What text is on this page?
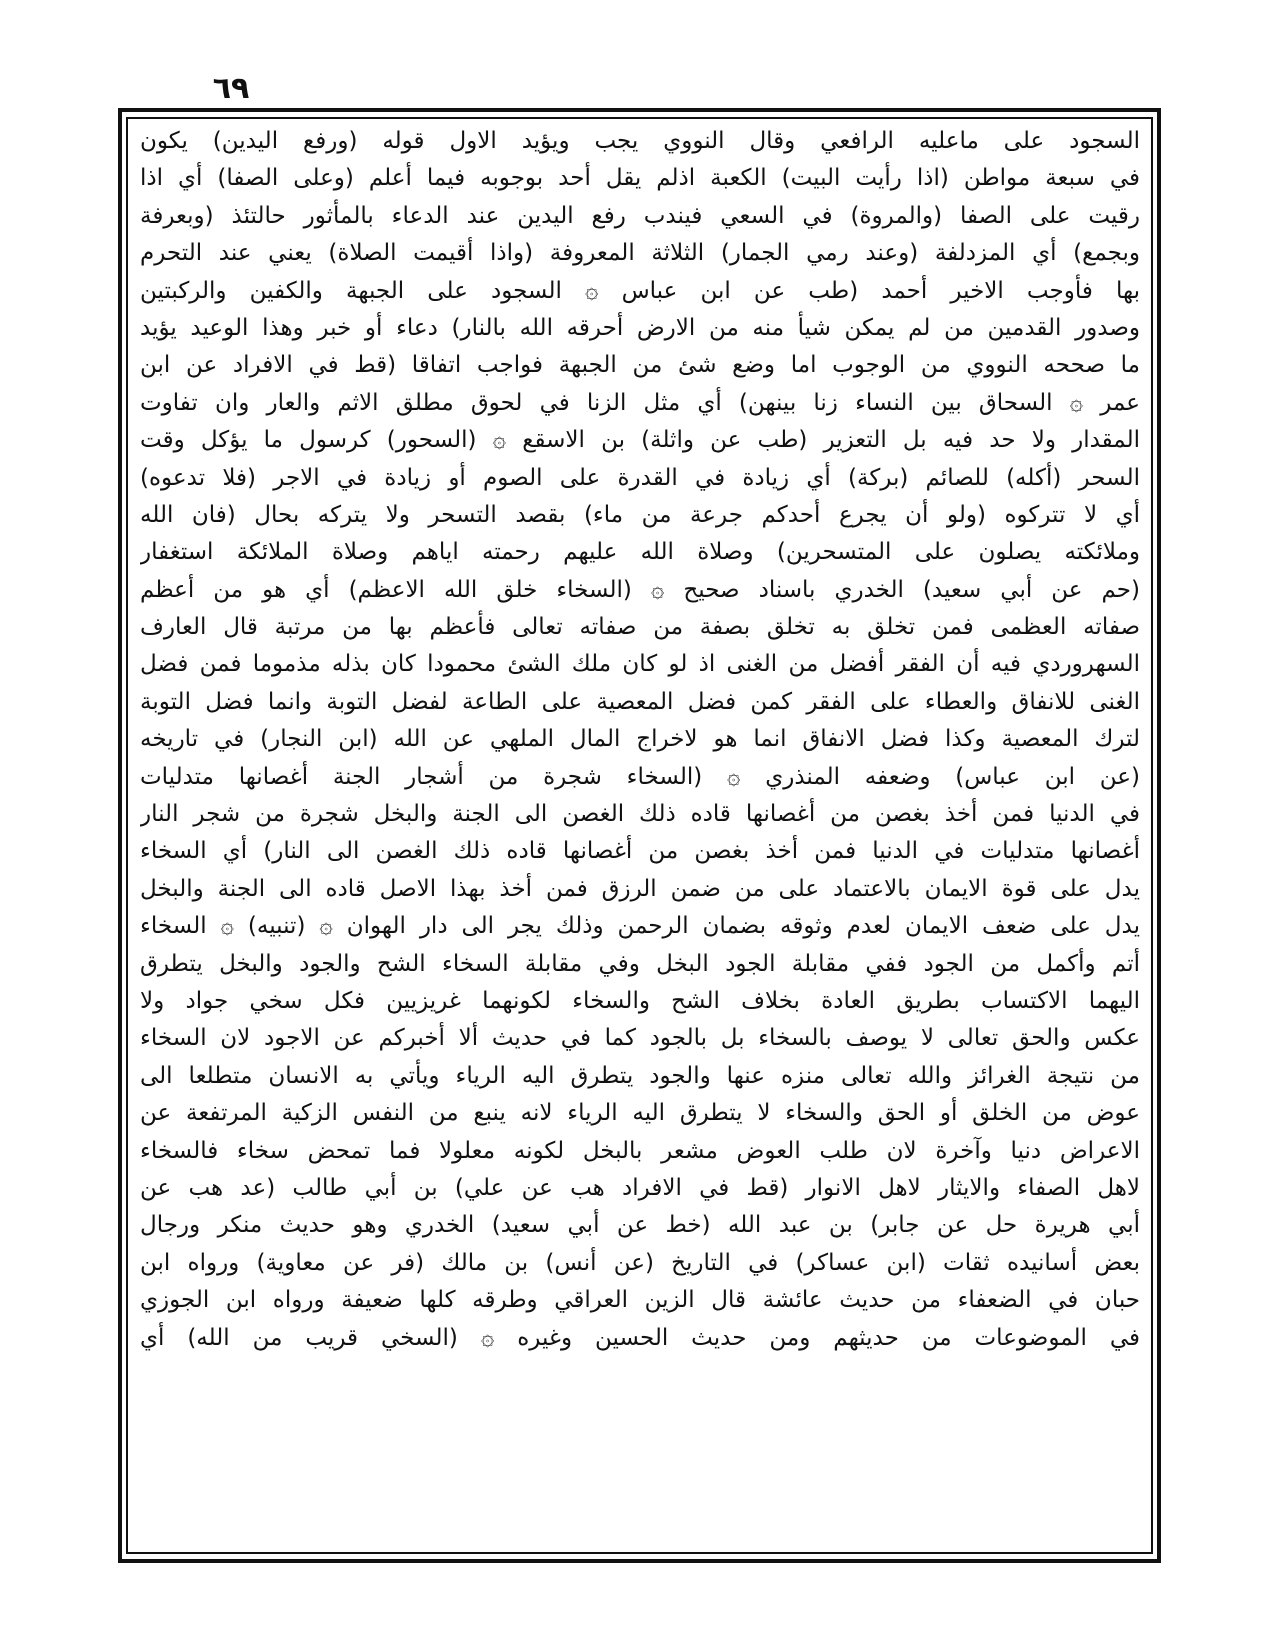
٦٩
السجود على ماعليه الرافعي وقال النووي يجب ويؤيد الاول قوله (ورفع اليدين) يكون
في سبعة مواطن (اذا رأيت البيت) الكعبة اذلم يقل أحد بوجوبه فيما أعلم (وعلى الصفا) أي اذا
رقيت على الصفا (والمروة) في السعي فيندب رفع اليدين عند الدعاء بالمأثور حالتئذ (وبعرفة
وبجمع) أي المزدلفة (وعند رمي الجمار) الثلاثة المعروفة (واذا أقيمت الصلاة) يعني عند التحرم
بها فأوجب الاخير أحمد (طب عن ابن عباس ۞ السجود على الجبهة والكفين والركبتين
وصدور القدمين من لم يمكن شيأ منه من الارض أحرقه الله بالنار) دعاء أو خبر وهذا الوعيد يؤيد
ما صححه النووي من الوجوب اما وضع شئ من الجبهة فواجب اتفاقا (قط في الافراد عن ابن
عمر ۞ السحاق بين النساء زنا بينهن) أي مثل الزنا في لحوق مطلق الاثم والعار وان تفاوت
المقدار ولا حد فيه بل التعزير (طب عن واثلة) بن الاسقع ۞ (السحور) كرسول ما يؤكل وقت
السحر (أكله) للصائم (بركة) أي زيادة في القدرة على الصوم أو زيادة في الاجر (فلا تدعوه)
أي لا تتركوه (ولو أن يجرع أحدكم جرعة من ماء) بقصد التسحر ولا يتركه بحال (فان الله
وملائكته يصلون على المتسحرين) وصلاة الله عليهم رحمته اياهم وصلاة الملائكة استغفار
(حم عن أبي سعيد) الخدري باسناد صحيح ۞ (السخاء خلق الله الاعظم) أي هو من أعظم
صفاته العظمى فمن تخلق به تخلق بصفة من صفاته تعالى فأعظم بها من مرتبة قال العارف
السهروردي فيه أن الفقر أفضل من الغنى اذ لو كان ملك الشئ محمودا كان بذله مذموما فمن فضل
الغنى للانفاق والعطاء على الفقر كمن فضل المعصية على الطاعة لفضل التوبة وانما فضل التوبة
لترك المعصية وكذا فضل الانفاق انما هو لاخراج المال الملهي عن الله (ابن النجار) في تاريخه
(عن ابن عباس) وضعفه المنذري ۞ (السخاء شجرة من أشجار الجنة أغصانها متدليات
في الدنيا فمن أخذ بغصن من أغصانها قاده ذلك الغصن الى الجنة والبخل شجرة من شجر النار
أغصانها متدليات في الدنيا فمن أخذ بغصن من أغصانها قاده ذلك الغصن الى النار) أي السخاء
يدل على قوة الايمان بالاعتماد على من ضمن الرزق فمن أخذ بهذا الاصل قاده الى الجنة والبخل
يدل على ضعف الايمان لعدم وثوقه بضمان الرحمن وذلك يجر الى دار الهوان ۞ (تنبيه) ۞ السخاء
أتم وأكمل من الجود ففي مقابلة الجود البخل وفي مقابلة السخاء الشح والجود والبخل يتطرق
اليهما الاكتساب بطريق العادة بخلاف الشح والسخاء لكونهما غريزيين فكل سخي جواد ولا
عكس والحق تعالى لا يوصف بالسخاء بل بالجود كما في حديث ألا أخبركم عن الاجود لان السخاء
من نتيجة الغرائز والله تعالى منزه عنها والجود يتطرق اليه الرياء ويأتي به الانسان متطلعا الى
عوض من الخلق أو الحق والسخاء لا يتطرق اليه الرياء لانه ينبع من النفس الزكية المرتفعة عن
الاعراض دنيا وآخرة لان طلب العوض مشعر بالبخل لكونه معلولا فما تمحض سخاء فالسخاء
لاهل الصفاء والايثار لاهل الانوار (قط في الافراد هب عن علي) بن أبي طالب (عد هب عن
أبي هريرة حل عن جابر) بن عبد الله (خط عن أبي سعيد) الخدري وهو حديث منكر ورجال
بعض أسانيده ثقات (ابن عساكر) في التاريخ (عن أنس) بن مالك (فر عن معاوية) ورواه ابن
حبان في الضعفاء من حديث عائشة قال الزين العراقي وطرقه كلها ضعيفة ورواه ابن الجوزي
في الموضوعات من حديثهم ومن حديث الحسين وغيره ۞ (السخي قريب من الله) أي
